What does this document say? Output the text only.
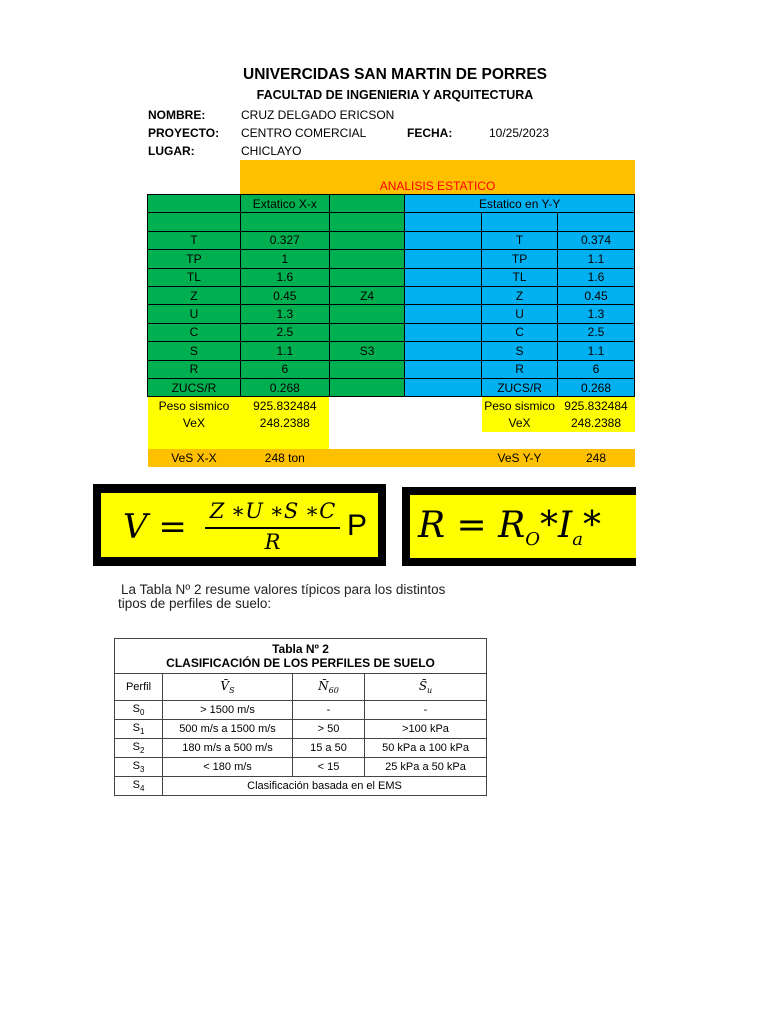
UNIVERCIDAS SAN MARTIN DE PORRES
FACULTAD DE INGENIERIA Y ARQUITECTURA
NOMBRE:	CRUZ DELGADO ERICSON
PROYECTO: CENTRO COMERCIAL	FECHA:	10/25/2023
LUGAR:	CHICLAYO
ANALISIS ESTATICO
	Extatico X-x		Estatico en Y-Y		

T	0.327			T	0.374
TP	1			TP	1.1
TL	1.6			TL	1.6
Z	0.45	Z4		Z	0.45
U	1.3			U	1.3
C	2.5			C	2.5
S	1.1	S3		S	1.1
R	6			R	6
ZUCS/R	0.268			ZUCS/R	0.268
Peso sismico	925.832484			Peso sismico	925.832484
VeX	248.2388			VeX	248.2388

VeS X-X	248 ton			VeS Y-Y	248
V = Z ∗U ∗S ∗C
R	P $R = R_O*I_a*$
La Tabla Nº 2 resume valores típicos para los distintos
tipos de perfiles de suelo:
Tabla Nº 2			
CLASIFICACIÓN DE LOS PERFILES DE SUELO			
Perfil	$V̄_S$	$N̄_{60}$	$S̄_u$
$S_0$	> 1500 m/s	-	-
$S_1$	500 m/s a 1500 m/s	> 50	>100 kPa
$S_2$	180 m/s a 500 m/s	15 a 50	50 kPa a 100 kPa
$S_3$	< 180 m/s	< 15	25 kPa a 50 kPa
$S_4$	Clasificación basada en el EMS		
